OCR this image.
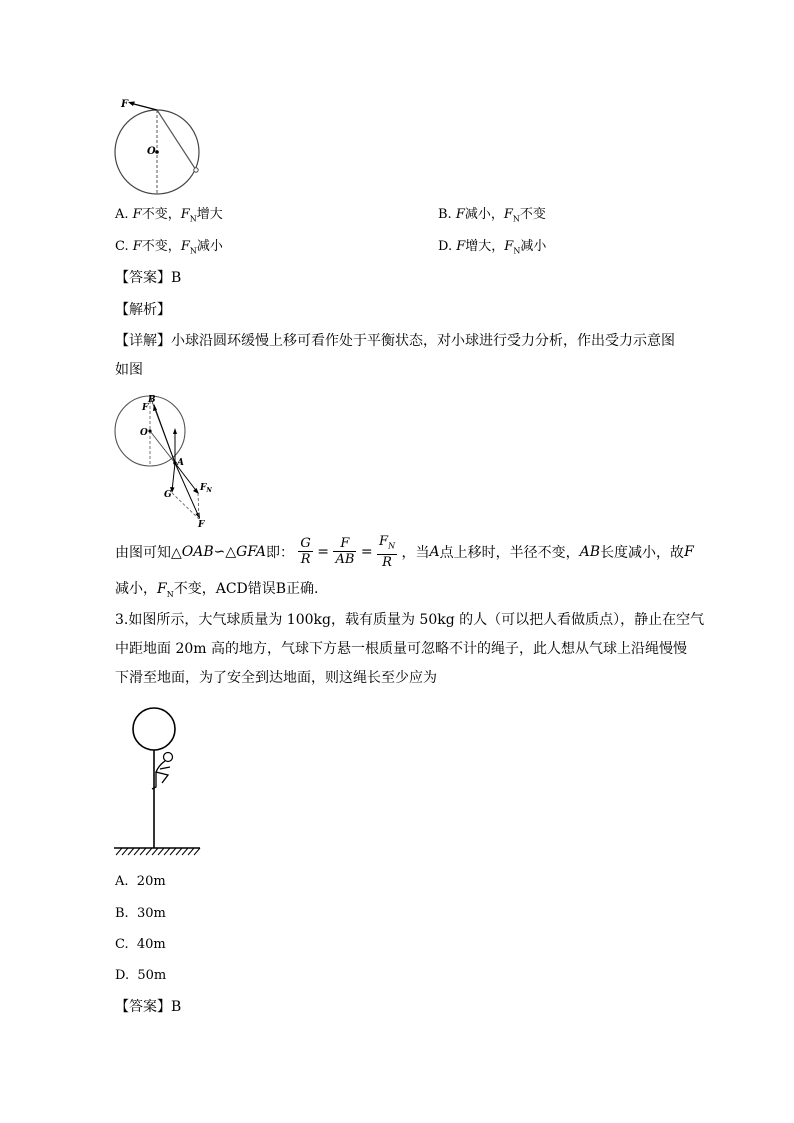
F
O
A. F不变，$F_N$增大	B. F减小，$F_N$不变
C. F不变，$F_N$减小	D. F增大，$F_N$减小
【答案】B
【解析】
【详解】小球沿圆环缓慢上移可看作处于平衡状态，对小球进行受力分析，作出受力示意图
如图
B
F
O
A
G
$F_N$
F
由图可知△OAB∽△GFA即： $\frac{G}{R} = \frac{F}{AB} = \frac{F_N}{R}$ ，当A点上移时，半径不变，AB长度减小，故F
减小，$F_N$不变，ACD错误B正确.
3.如图所示，大气球质量为 100kg，载有质量为 50kg 的人（可以把人看做质点），静止在空气
中距地面 20m 高的地方，气球下方悬一根质量可忽略不计的绳子，此人想从气球上沿绳慢慢
下滑至地面，为了安全到达地面，则这绳长至少应为
A. 20m
B. 30m
C. 40m
D. 50m
【答案】B
